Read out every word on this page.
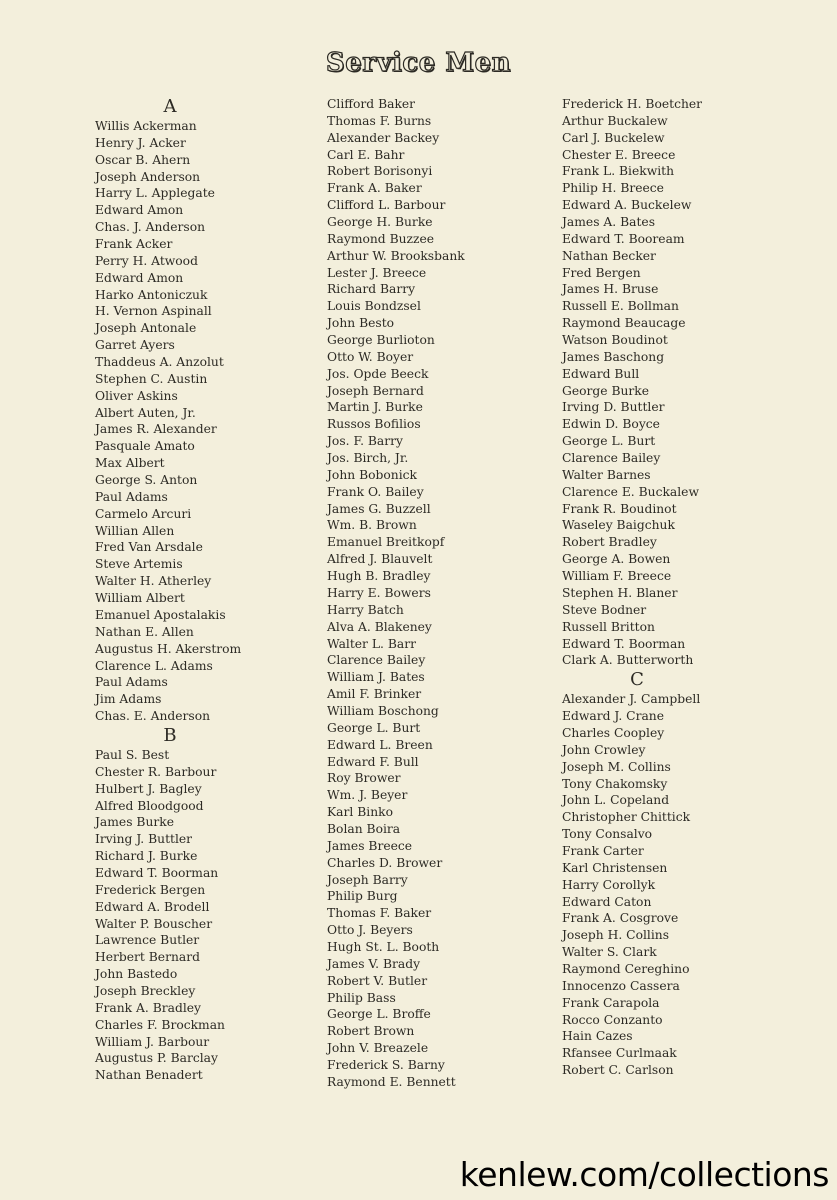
Service Men
A
Willis Ackerman
Henry J. Acker
Oscar B. Ahern
Joseph Anderson
Harry L. Applegate
Edward Amon
Chas. J. Anderson
Frank Acker
Perry H. Atwood
Edward Amon
Harko Antoniczuk
H. Vernon Aspinall
Joseph Antonale
Garret Ayers
Thaddeus A. Anzolut
Stephen C. Austin
Oliver Askins
Albert Auten, Jr.
James R. Alexander
Pasquale Amato
Max Albert
George S. Anton
Paul Adams
Carmelo Arcuri
Willian Allen
Fred Van Arsdale
Steve Artemis
Walter H. Atherley
William Albert
Emanuel Apostalakis
Nathan E. Allen
Augustus H. Akerstrom
Clarence L. Adams
Paul Adams
Jim Adams
Chas. E. Anderson
B
Paul S. Best
Chester R. Barbour
Hulbert J. Bagley
Alfred Bloodgood
James Burke
Irving J. Buttler
Richard J. Burke
Edward T. Boorman
Frederick Bergen
Edward A. Brodell
Walter P. Bouscher
Lawrence Butler
Herbert Bernard
John Bastedo
Joseph Breckley
Frank A. Bradley
Charles F. Brockman
William J. Barbour
Augustus P. Barclay
Nathan Benadert
Clifford Baker
Thomas F. Burns
Alexander Backey
Carl E. Bahr
Robert Borisonyi
Frank A. Baker
Clifford L. Barbour
George H. Burke
Raymond Buzzee
Arthur W. Brooksbank
Lester J. Breece
Richard Barry
Louis Bondzsel
John Besto
George Burlioton
Otto W. Boyer
Jos. Opde Beeck
Joseph Bernard
Martin J. Burke
Russos Bofilios
Jos. F. Barry
Jos. Birch, Jr.
John Bobonick
Frank O. Bailey
James G. Buzzell
Wm. B. Brown
Emanuel Breitkopf
Alfred J. Blauvelt
Hugh B. Bradley
Harry E. Bowers
Harry Batch
Alva A. Blakeney
Walter L. Barr
Clarence Bailey
William J. Bates
Amil F. Brinker
William Boschong
George L. Burt
Edward L. Breen
Edward F. Bull
Roy Brower
Wm. J. Beyer
Karl Binko
Bolan Boira
James Breece
Charles D. Brower
Joseph Barry
Philip Burg
Thomas F. Baker
Otto J. Beyers
Hugh St. L. Booth
James V. Brady
Robert V. Butler
Philip Bass
George L. Broffe
Robert Brown
John V. Breazele
Frederick S. Barny
Raymond E. Bennett
Frederick H. Boetcher
Arthur Buckalew
Carl J. Buckelew
Chester E. Breece
Frank L. Biekwith
Philip H. Breece
Edward A. Buckelew
James A. Bates
Edward T. Booream
Nathan Becker
Fred Bergen
James H. Bruse
Russell E. Bollman
Raymond Beaucage
Watson Boudinot
James Baschong
Edward Bull
George Burke
Irving D. Buttler
Edwin D. Boyce
George L. Burt
Clarence Bailey
Walter Barnes
Clarence E. Buckalew
Frank R. Boudinot
Waseley Baigchuk
Robert Bradley
George A. Bowen
William F. Breece
Stephen H. Blaner
Steve Bodner
Russell Britton
Edward T. Boorman
Clark A. Butterworth
C
Alexander J. Campbell
Edward J. Crane
Charles Coopley
John Crowley
Joseph M. Collins
Tony Chakomsky
John L. Copeland
Christopher Chittick
Tony Consalvo
Frank Carter
Karl Christensen
Harry Corollyk
Edward Caton
Frank A. Cosgrove
Joseph H. Collins
Walter S. Clark
Raymond Cereghino
Innocenzo Cassera
Frank Carapola
Rocco Conzanto
Hain Cazes
Rfansee Curlmaak
Robert C. Carlson
kenlew.com/collections
